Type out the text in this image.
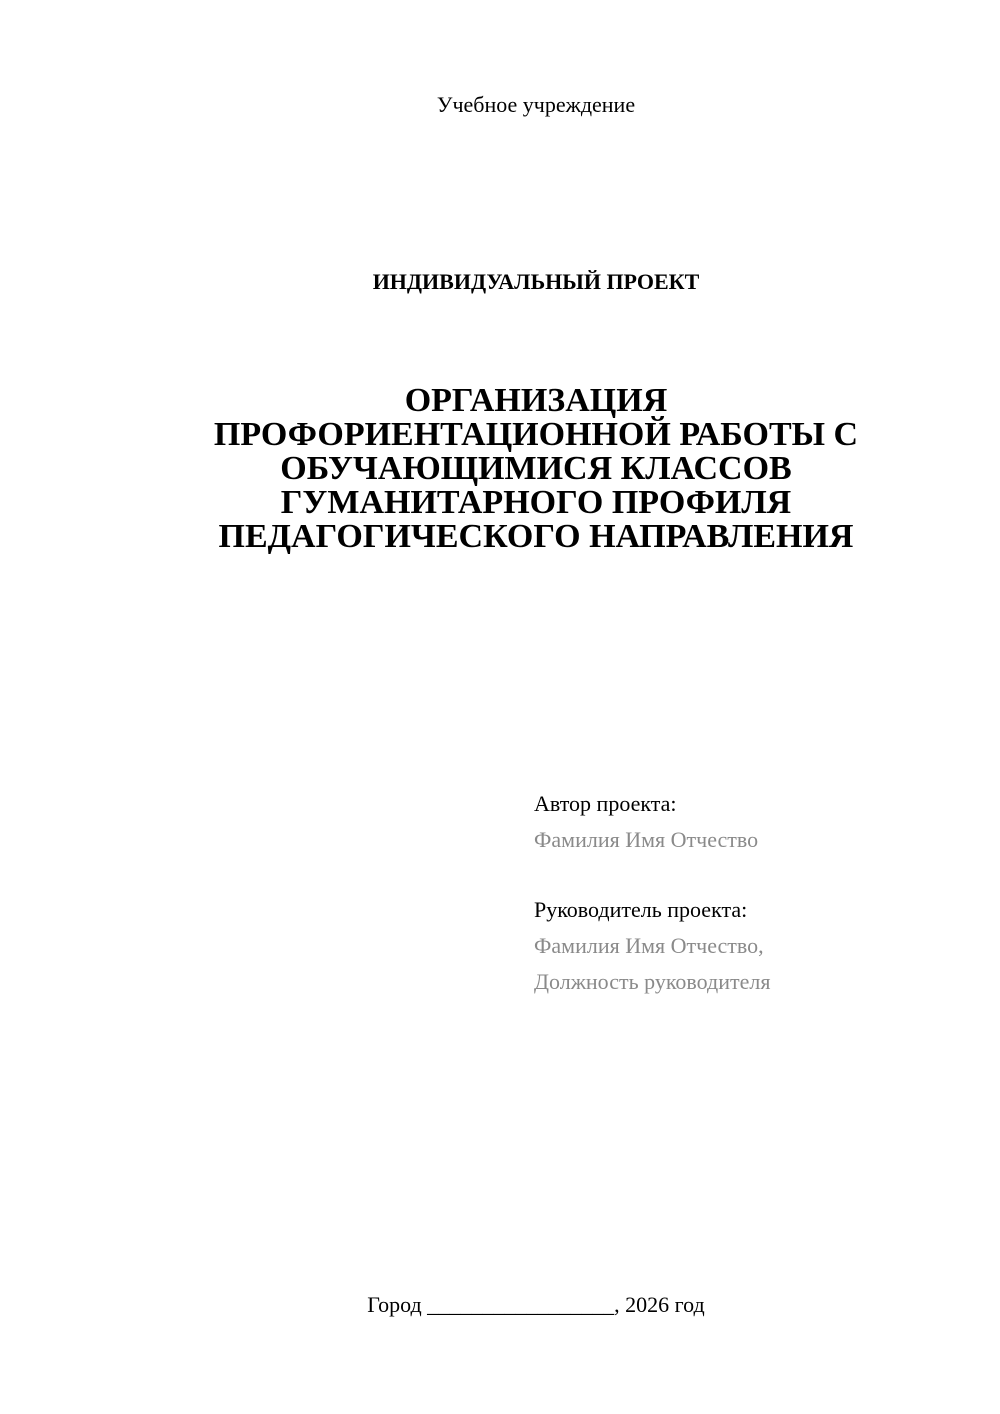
Учебное учреждение
ИНДИВИДУАЛЬНЫЙ ПРОЕКТ
ОРГАНИЗАЦИЯ
ПРОФОРИЕНТАЦИОННОЙ РАБОТЫ С
ОБУЧАЮЩИМИСЯ КЛАССОВ
ГУМАНИТАРНОГО ПРОФИЛЯ
ПЕДАГОГИЧЕСКОГО НАПРАВЛЕНИЯ
Автор проекта:
Фамилия Имя Отчество
Руководитель проекта:
Фамилия Имя Отчество,
Должность руководителя
Город _________________, 2026 год
